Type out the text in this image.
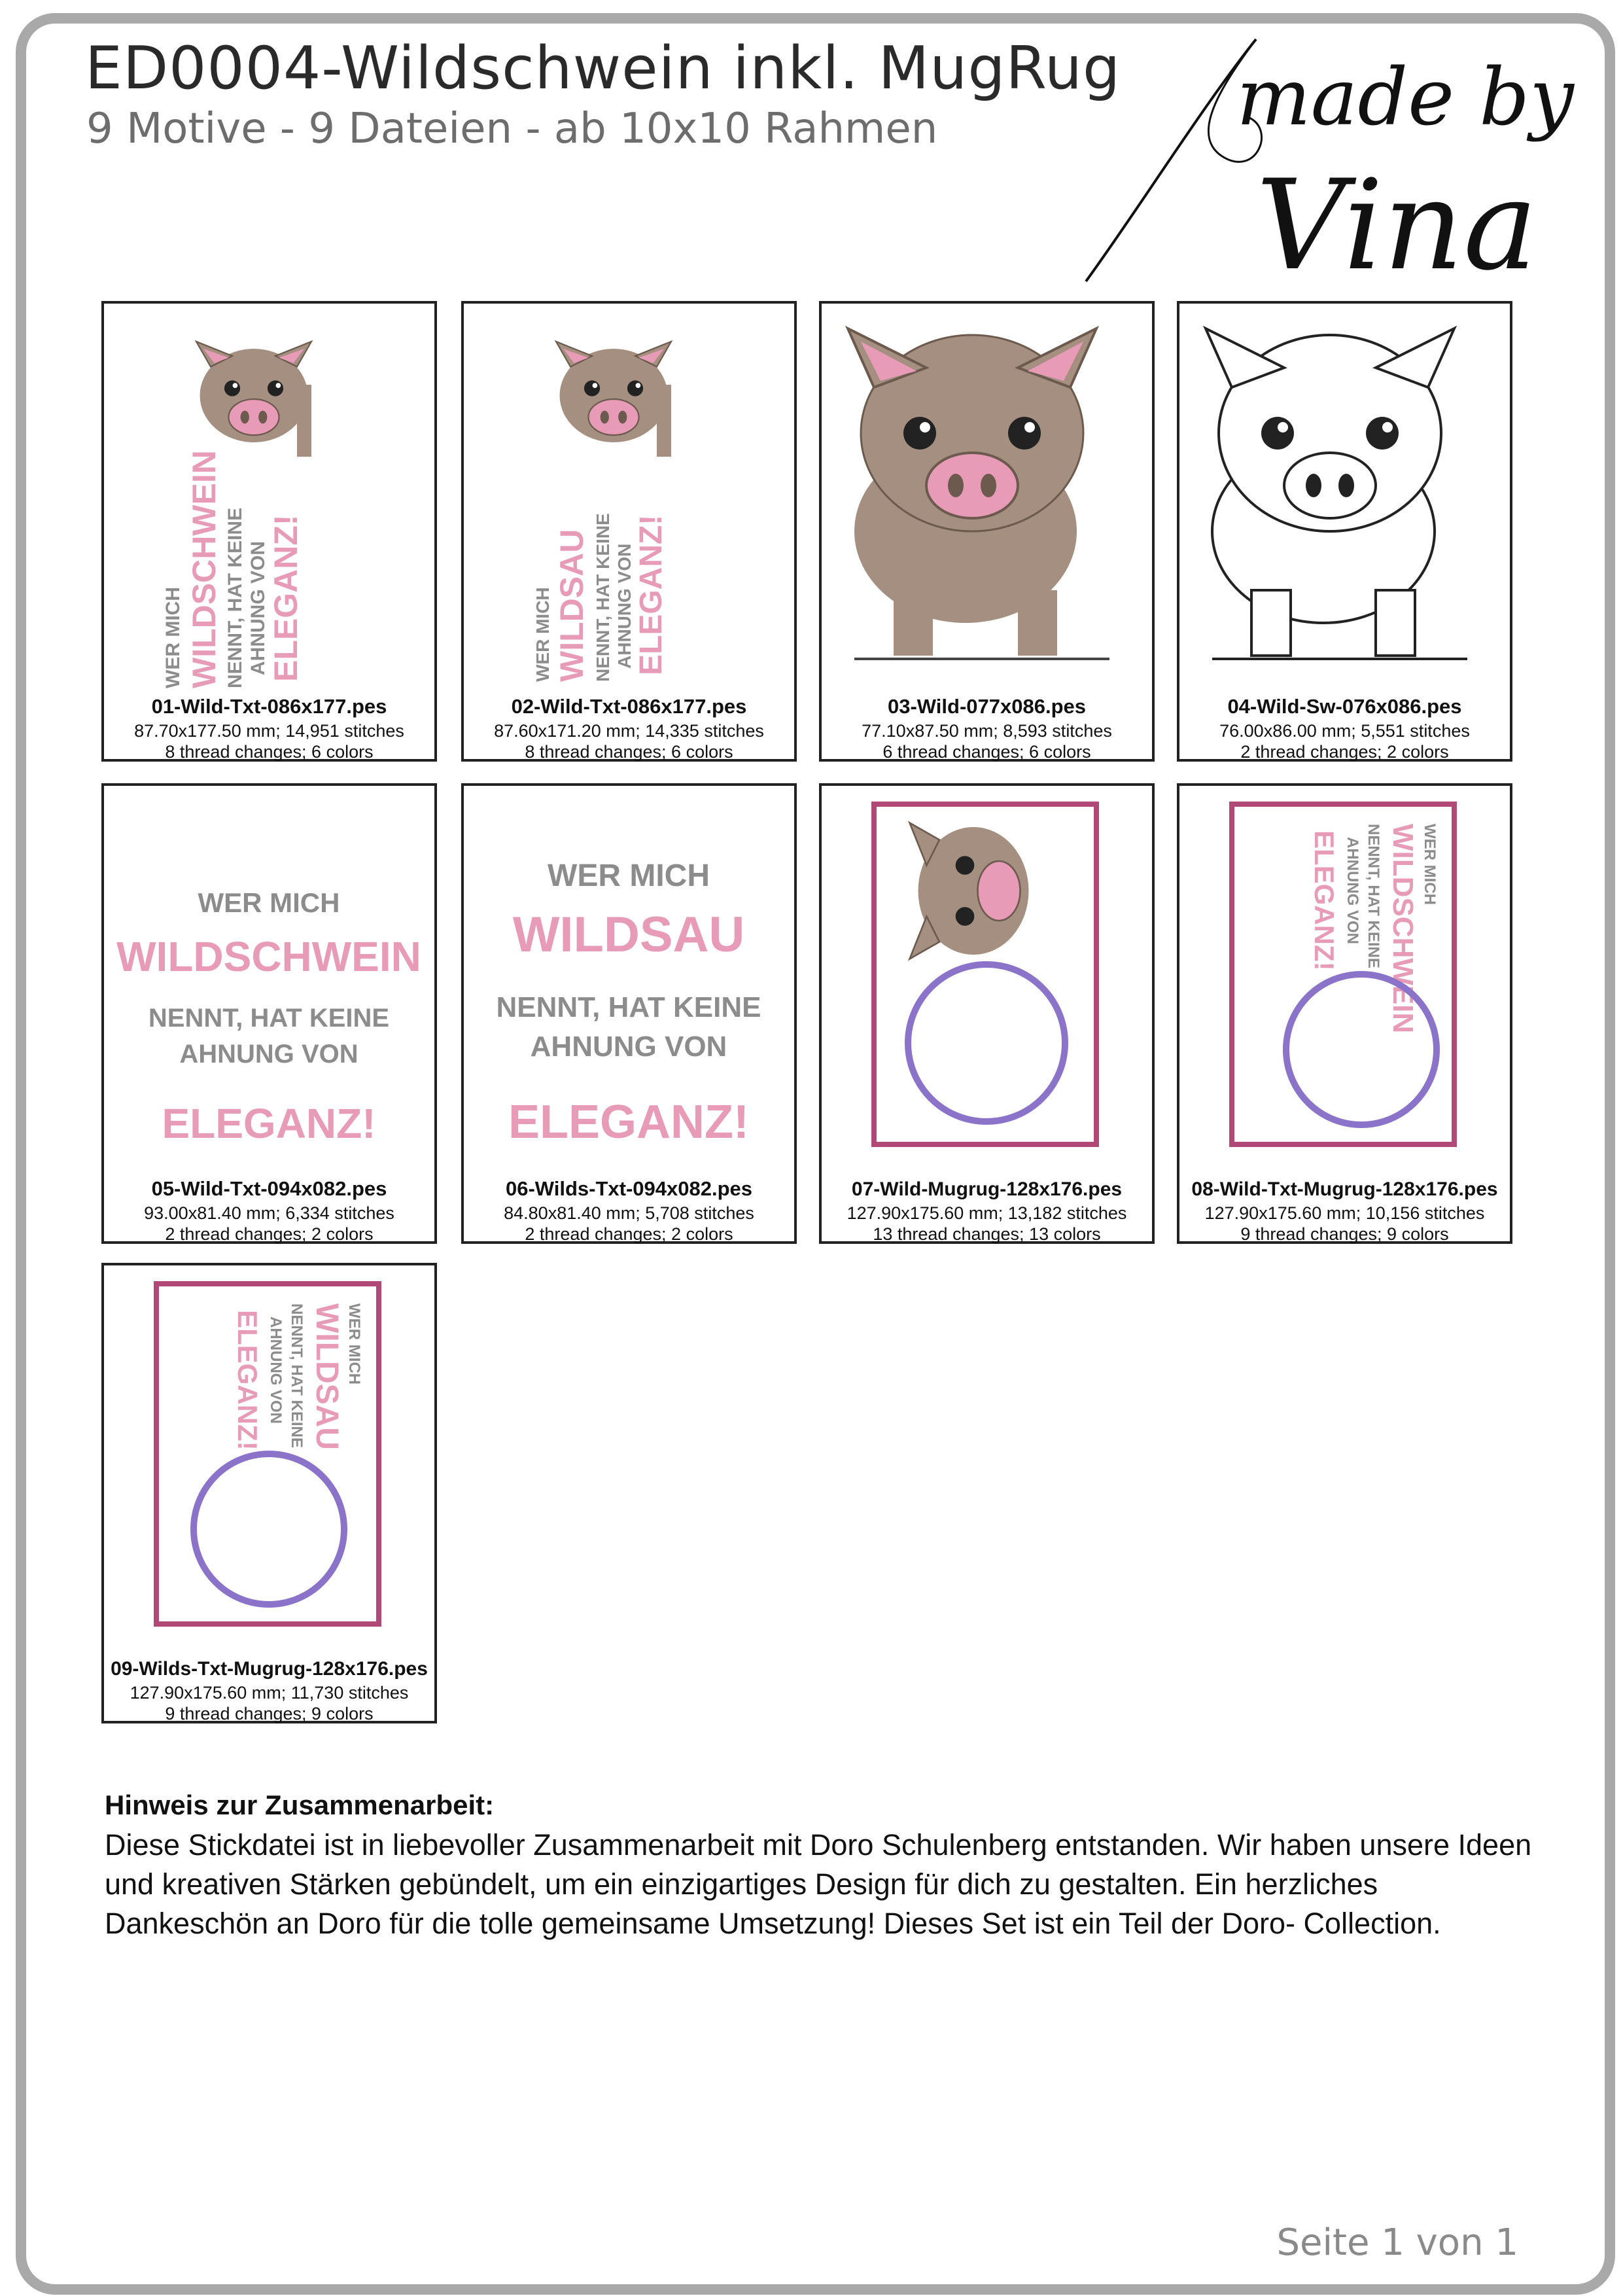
ED0004-Wildschwein inkl. MugRug
9 Motive - 9 Dateien - ab 10x10 Rahmen	made by
Vina
WER MICH WILDSCHWEIN NENNT, HAT KEINE AHNUNG VON
ELEGANZ!
01-Wild-Txt-086x177.pes
87.70x177.50 mm; 14,951 stitches
8 thread changes; 6 colors
WER MICH WILDSAU NENNT, HAT KEINE AHNUNG VON ELEGANZ!
02-Wild-Txt-086x177.pes
87.60x171.20 mm; 14,335 stitches
8 thread changes; 6 colors
03-Wild-077x086.pes
77.10x87.50 mm; 8,593 stitches
6 thread changes; 6 colors
04-Wild-Sw-076x086.pes
76.00x86.00 mm; 5,551 stitches
2 thread changes; 2 colors
WER MICH
WILDSCHWEIN
NENNT, HAT KEINE
AHNUNG VON
ELEGANZ!
05-Wild-Txt-094x082.pes
93.00x81.40 mm; 6,334 stitches
2 thread changes; 2 colors
WER MICH
WILDSAU
NENNT, HAT KEINE
AHNUNG VON
ELEGANZ!
06-Wilds-Txt-094x082.pes
84.80x81.40 mm; 5,708 stitches
2 thread changes; 2 colors
07-Wild-Mugrug-128x176.pes
127.90x175.60 mm; 13,182 stitches
13 thread changes; 13 colors
WER MICH
WILDSCHWEIN
NENNT, HAT KEINE
AHNUNG VON
ELEGANZ!
08-Wild-Txt-Mugrug-128x176.pes
127.90x175.60 mm; 10,156 stitches
9 thread changes; 9 colors
WER MICH
WILDSAU
NENNT, HAT KEINE
AHNUNG VON
ELEGANZ!
09-Wilds-Txt-Mugrug-128x176.pes
127.90x175.60 mm; 11,730 stitches
9 thread changes; 9 colors
Hinweis zur Zusammenarbeit:
Diese Stickdatei ist in liebevoller Zusammenarbeit mit Doro Schulenberg entstanden. Wir haben unsere Ideen und kreativen Stärken gebündelt, um ein einzigartiges Design für dich zu gestalten. Ein herzliches Dankeschön an Doro für die tolle gemeinsame Umsetzung! Dieses Set ist ein Teil der Doro- Collection.
Seite 1 von 1
